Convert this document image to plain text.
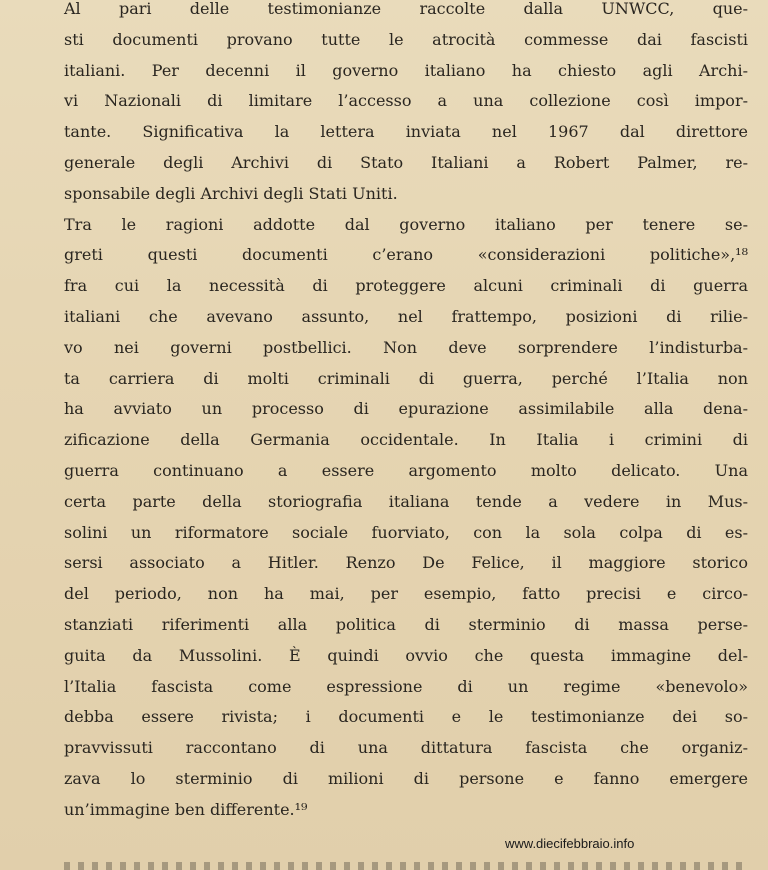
Al pari delle testimonianze raccolte dalla UNWCC, que-
sti documenti provano tutte le atrocità commesse dai fascisti
italiani. Per decenni il governo italiano ha chiesto agli Archi-
vi Nazionali di limitare l’accesso a una collezione così impor-
tante. Significativa la lettera inviata nel 1967 dal direttore
generale degli Archivi di Stato Italiani a Robert Palmer, re-
sponsabile degli Archivi degli Stati Uniti.
Tra le ragioni addotte dal governo italiano per tenere se-
greti questi documenti c’erano «considerazioni politiche»,¹⁸
fra cui la necessità di proteggere alcuni criminali di guerra
italiani che avevano assunto, nel frattempo, posizioni di rilie-
vo nei governi postbellici. Non deve sorprendere l’indisturba-
ta carriera di molti criminali di guerra, perché l’Italia non
ha avviato un processo di epurazione assimilabile alla dena-
zificazione della Germania occidentale. In Italia i crimini di
guerra continuano a essere argomento molto delicato. Una
certa parte della storiografia italiana tende a vedere in Mus-
solini un riformatore sociale fuorviato, con la sola colpa di es-
sersi associato a Hitler. Renzo De Felice, il maggiore storico
del periodo, non ha mai, per esempio, fatto precisi e circo-
stanziati riferimenti alla politica di sterminio di massa perse-
guita da Mussolini. È quindi ovvio che questa immagine del-
l’Italia fascista come espressione di un regime «benevolo»
debba essere rivista; i documenti e le testimonianze dei so-
pravvissuti raccontano di una dittatura fascista che organiz-
zava lo sterminio di milioni di persone e fanno emergere
un’immagine ben differente.¹⁹
www.diecifebbraio.info
